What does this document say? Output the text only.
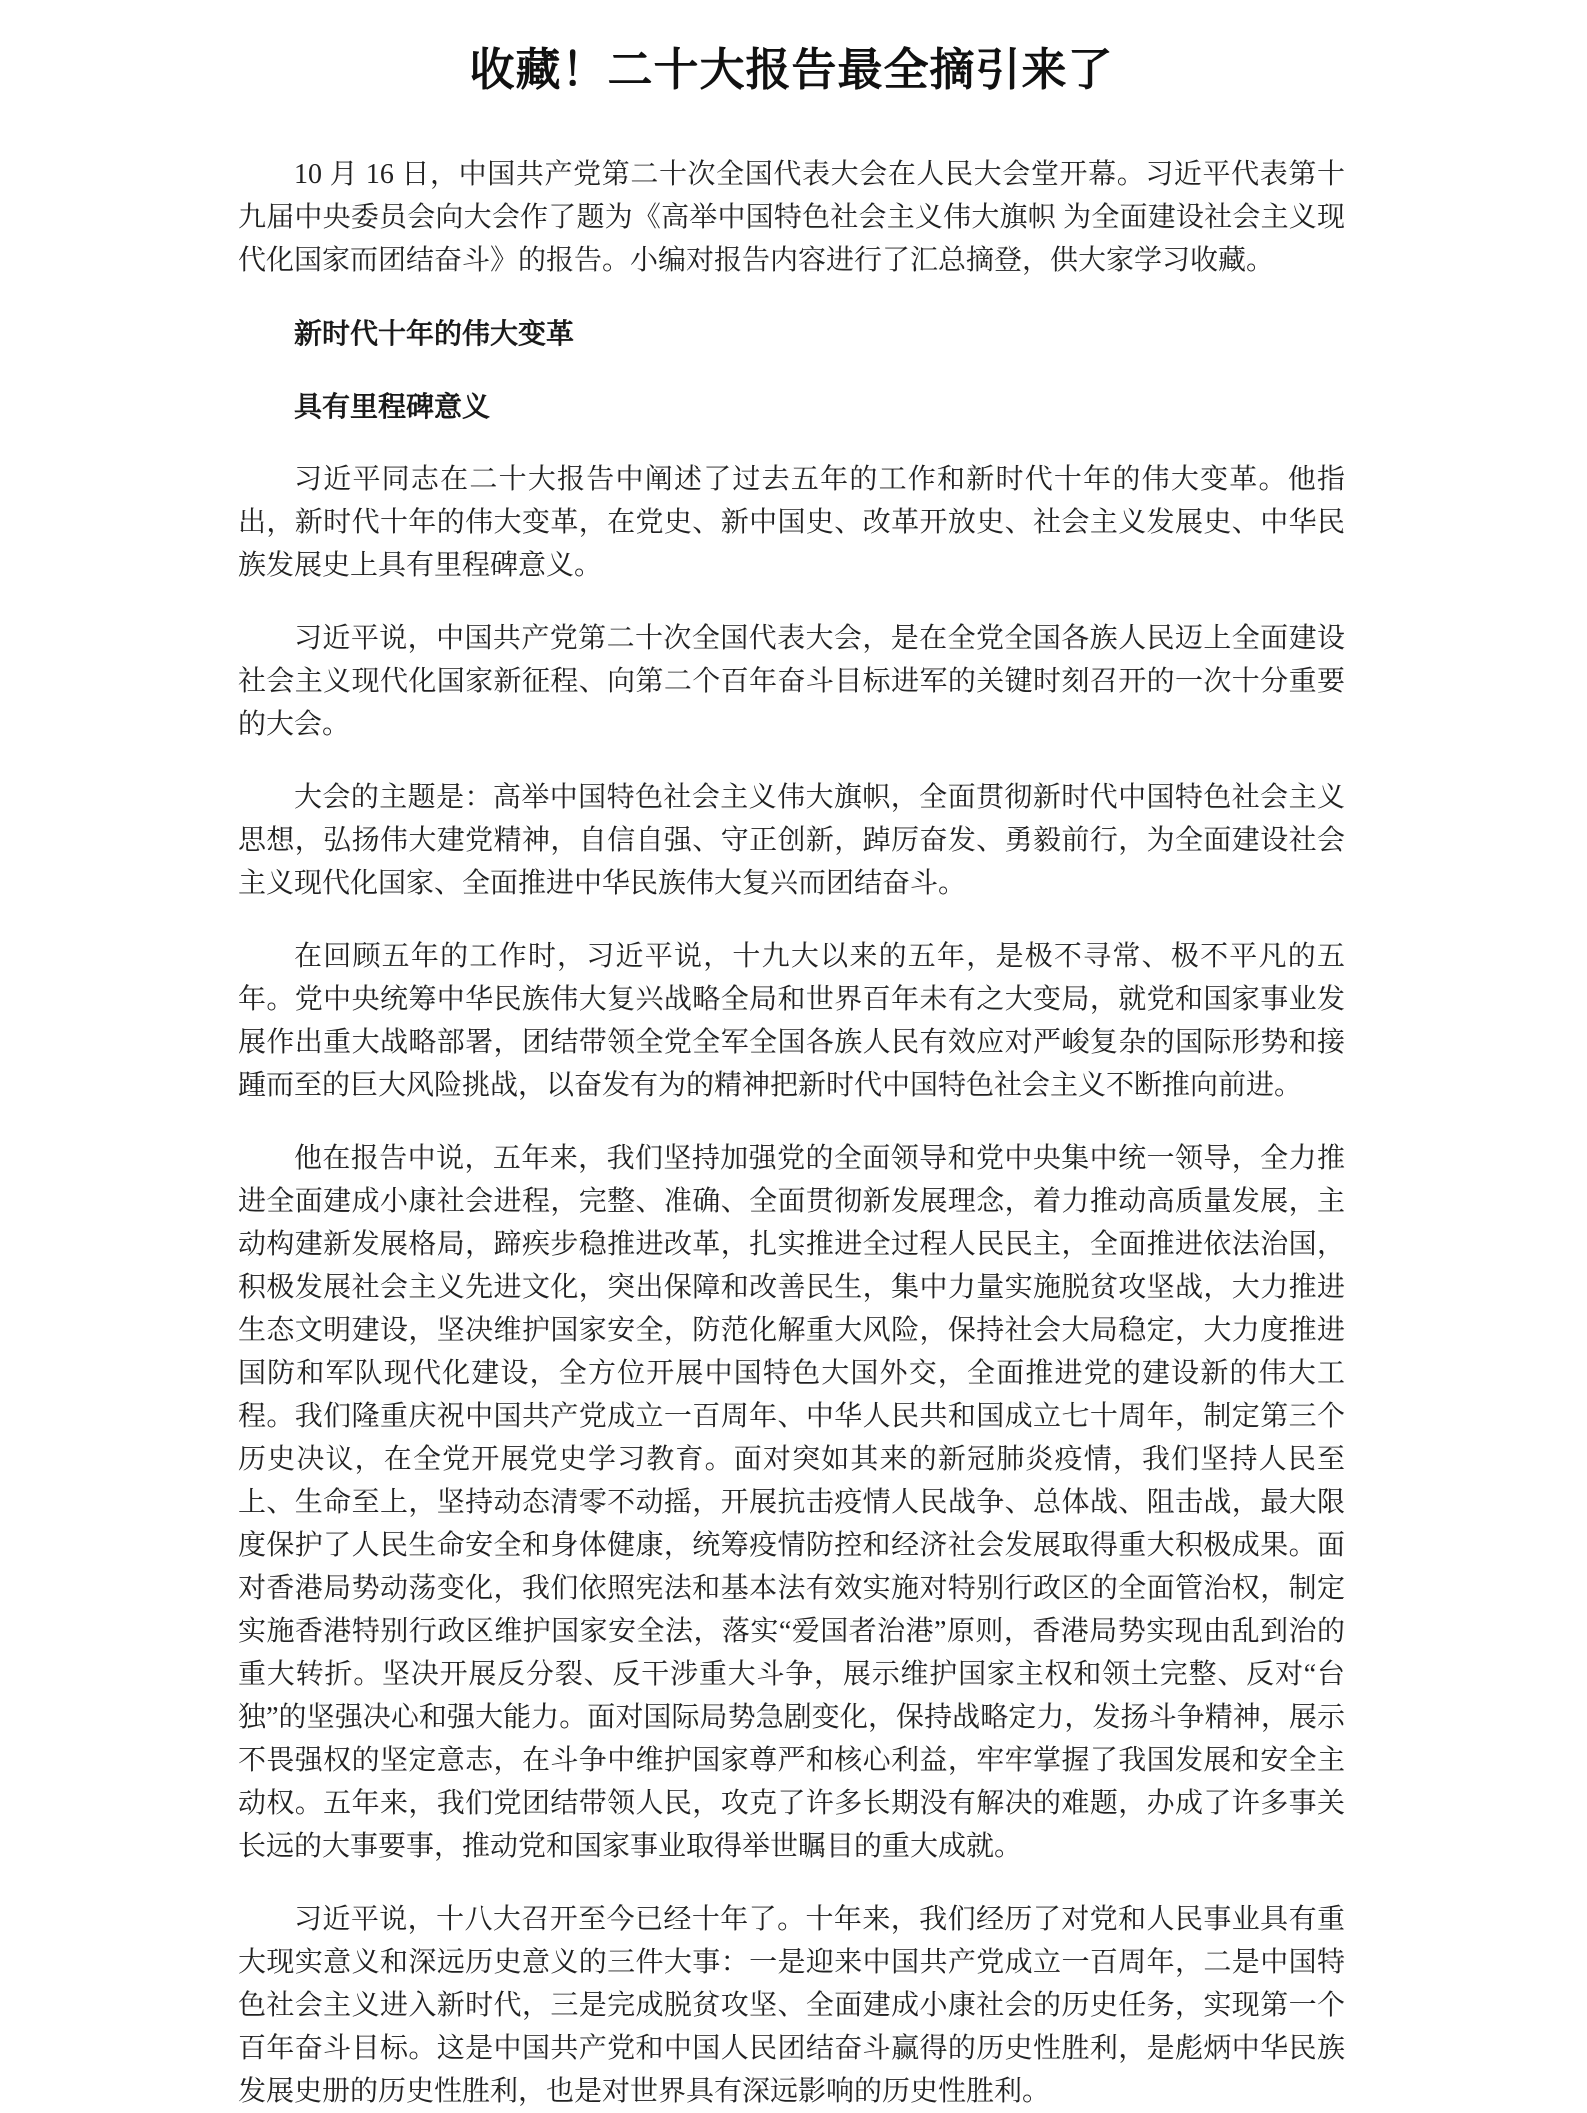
收藏！二十大报告最全摘引来了

10 月 16 日，中国共产党第二十次全国代表大会在人民大会堂开幕。习近平代表第十九届中央委员会向大会作了题为《高举中国特色社会主义伟大旗帜 为全面建设社会主义现代化国家而团结奋斗》的报告。小编对报告内容进行了汇总摘登，供大家学习收藏。

新时代十年的伟大变革
具有里程碑意义

习近平同志在二十大报告中阐述了过去五年的工作和新时代十年的伟大变革。他指出，新时代十年的伟大变革，在党史、新中国史、改革开放史、社会主义发展史、中华民族发展史上具有里程碑意义。

习近平说，中国共产党第二十次全国代表大会，是在全党全国各族人民迈上全面建设社会主义现代化国家新征程、向第二个百年奋斗目标进军的关键时刻召开的一次十分重要的大会。

大会的主题是：高举中国特色社会主义伟大旗帜，全面贯彻新时代中国特色社会主义思想，弘扬伟大建党精神，自信自强、守正创新，踔厉奋发、勇毅前行，为全面建设社会主义现代化国家、全面推进中华民族伟大复兴而团结奋斗。

在回顾五年的工作时，习近平说，十九大以来的五年，是极不寻常、极不平凡的五年。党中央统筹中华民族伟大复兴战略全局和世界百年未有之大变局，就党和国家事业发展作出重大战略部署，团结带领全党全军全国各族人民有效应对严峻复杂的国际形势和接踵而至的巨大风险挑战，以奋发有为的精神把新时代中国特色社会主义不断推向前进。

他在报告中说，五年来，我们坚持加强党的全面领导和党中央集中统一领导，全力推进全面建成小康社会进程，完整、准确、全面贯彻新发展理念，着力推动高质量发展，主动构建新发展格局，蹄疾步稳推进改革，扎实推进全过程人民民主，全面推进依法治国，积极发展社会主义先进文化，突出保障和改善民生，集中力量实施脱贫攻坚战，大力推进生态文明建设，坚决维护国家安全，防范化解重大风险，保持社会大局稳定，大力度推进国防和军队现代化建设，全方位开展中国特色大国外交，全面推进党的建设新的伟大工程。我们隆重庆祝中国共产党成立一百周年、中华人民共和国成立七十周年，制定第三个历史决议，在全党开展党史学习教育。面对突如其来的新冠肺炎疫情，我们坚持人民至上、生命至上，坚持动态清零不动摇，开展抗击疫情人民战争、总体战、阻击战，最大限度保护了人民生命安全和身体健康，统筹疫情防控和经济社会发展取得重大积极成果。面对香港局势动荡变化，我们依照宪法和基本法有效实施对特别行政区的全面管治权，制定实施香港特别行政区维护国家安全法，落实“爱国者治港”原则，香港局势实现由乱到治的重大转折。坚决开展反分裂、反干涉重大斗争，展示维护国家主权和领土完整、反对“台独”的坚强决心和强大能力。面对国际局势急剧变化，保持战略定力，发扬斗争精神，展示不畏强权的坚定意志，在斗争中维护国家尊严和核心利益，牢牢掌握了我国发展和安全主动权。五年来，我们党团结带领人民，攻克了许多长期没有解决的难题，办成了许多事关长远的大事要事，推动党和国家事业取得举世瞩目的重大成就。

习近平说，十八大召开至今已经十年了。十年来，我们经历了对党和人民事业具有重大现实意义和深远历史意义的三件大事：一是迎来中国共产党成立一百周年，二是中国特色社会主义进入新时代，三是完成脱贫攻坚、全面建成小康社会的历史任务，实现第一个百年奋斗目标。这是中国共产党和中国人民团结奋斗赢得的历史性胜利，是彪炳中华民族发展史册的历史性胜利，也是对世界具有深远影响的历史性胜利。
